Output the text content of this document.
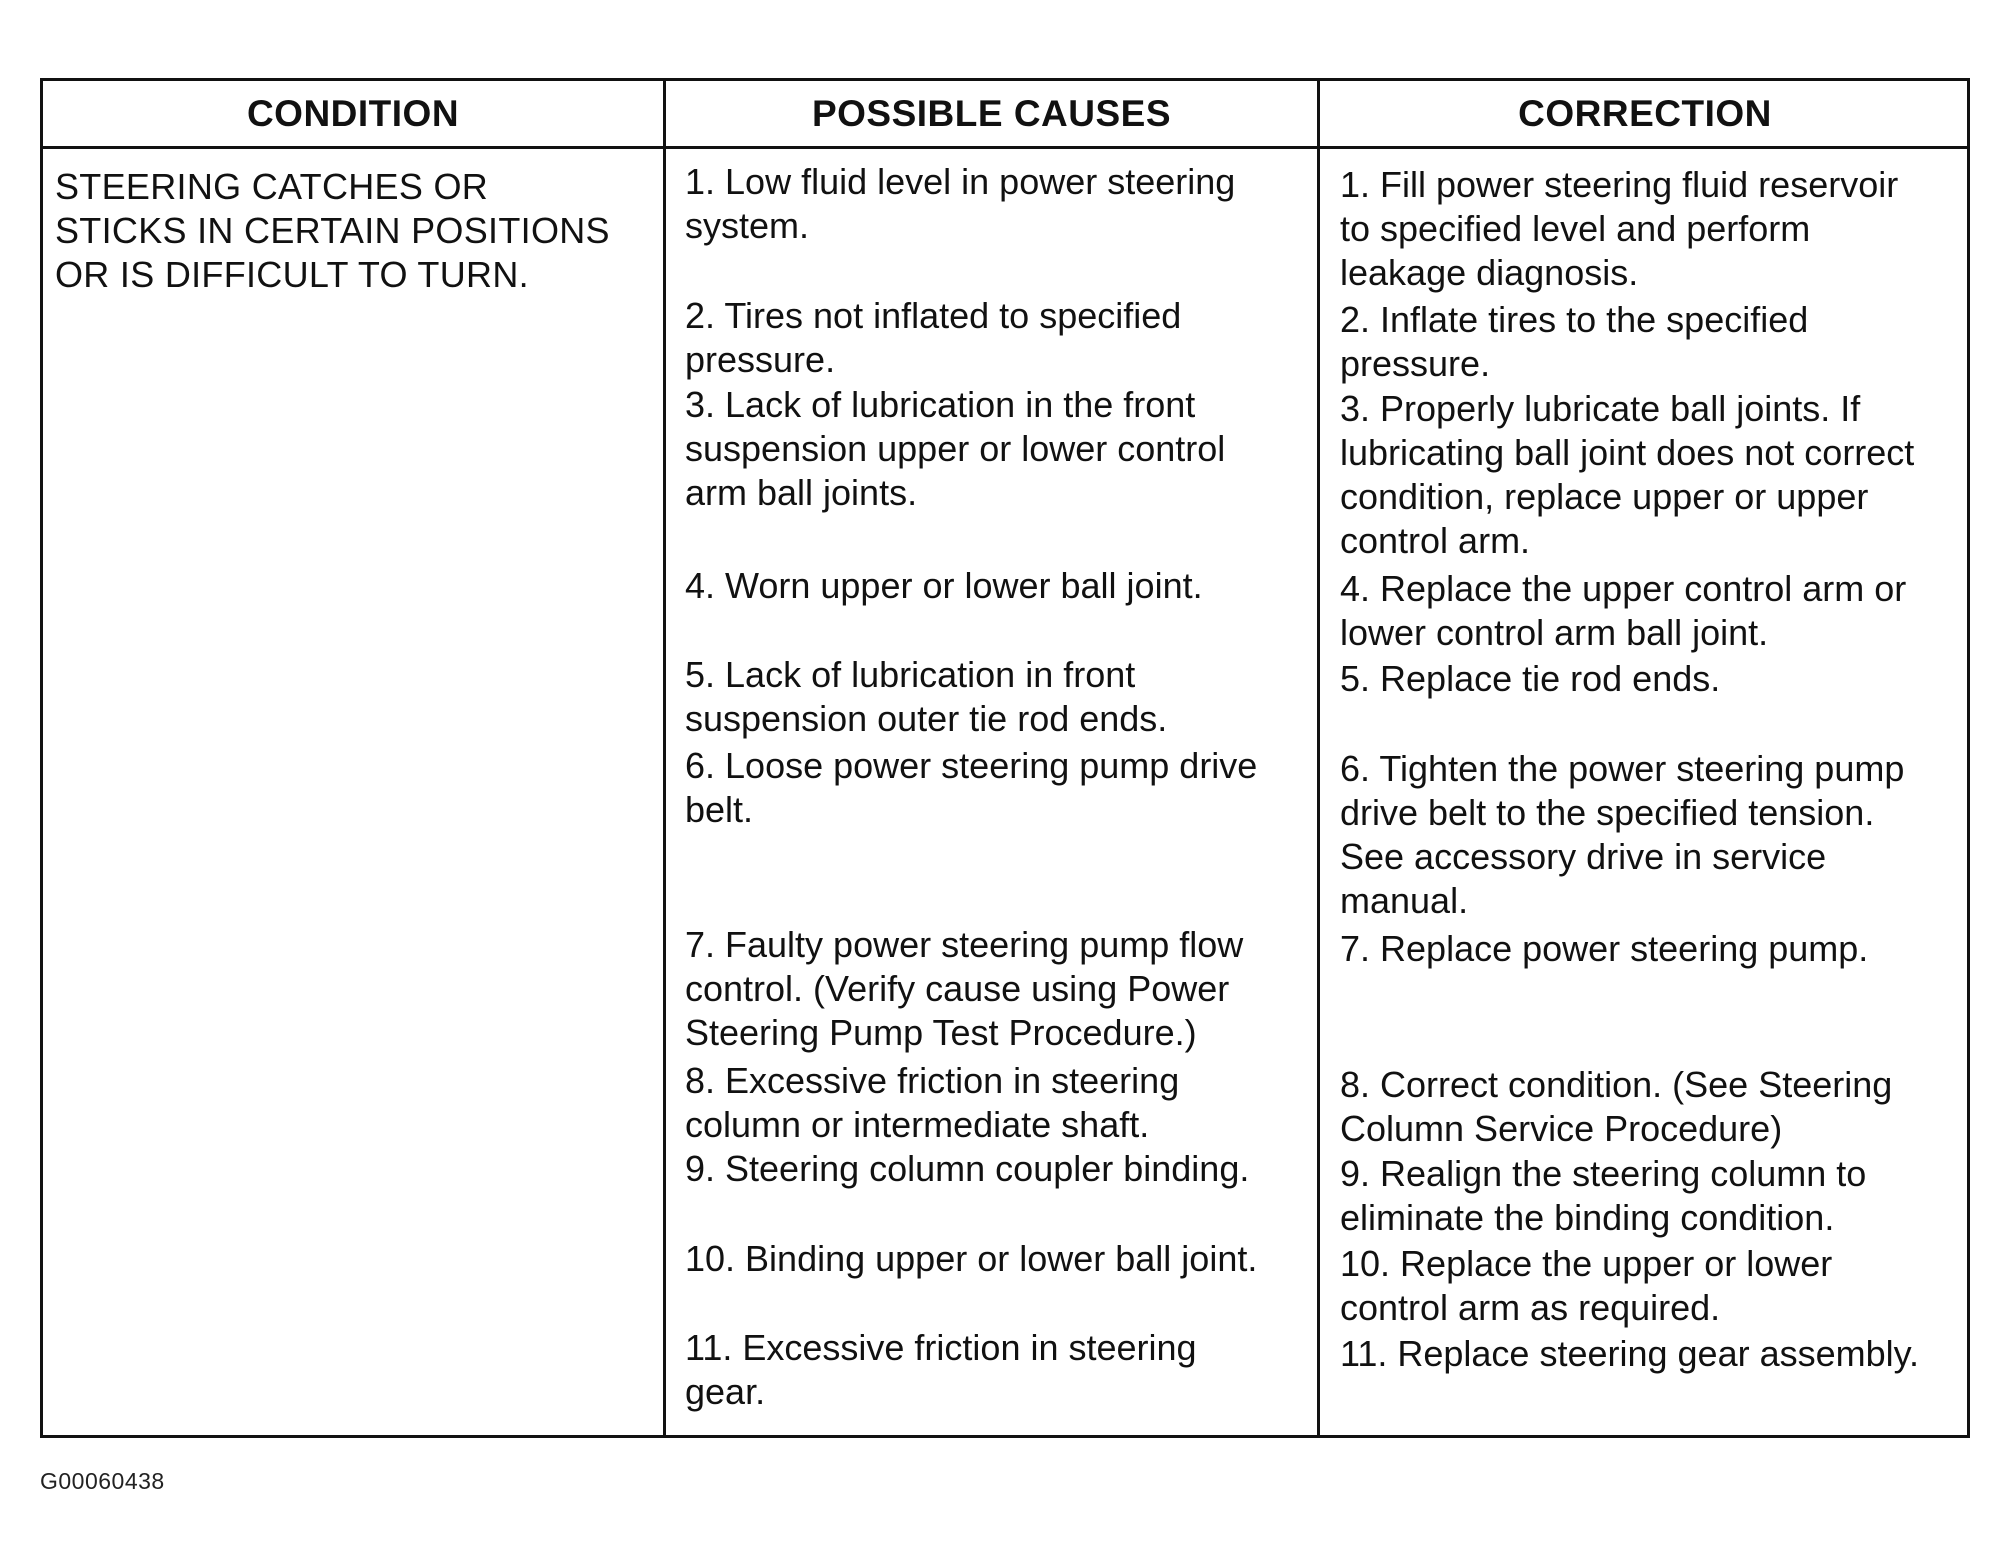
CONDITION	POSSIBLE CAUSES	CORRECTION
STEERING CATCHES OR
STICKS IN CERTAIN POSITIONS
OR IS DIFFICULT TO TURN.
1. Low fluid level in power steering
system.
2. Tires not inflated to specified
pressure.
3. Lack of lubrication in the front
suspension upper or lower control
arm ball joints.
4. Worn upper or lower ball joint.
5. Lack of lubrication in front
suspension outer tie rod ends.
6. Loose power steering pump drive
belt.
7. Faulty power steering pump flow
control. (Verify cause using Power
Steering Pump Test Procedure.)
8. Excessive friction in steering
column or intermediate shaft.
9. Steering column coupler binding.
10. Binding upper or lower ball joint.
11. Excessive friction in steering
gear.
1. Fill power steering fluid reservoir
to specified level and perform
leakage diagnosis.
2. Inflate tires to the specified
pressure.
3. Properly lubricate ball joints. If
lubricating ball joint does not correct
condition, replace upper or upper
control arm.
4. Replace the upper control arm or
lower control arm ball joint.
5. Replace tie rod ends.
6. Tighten the power steering pump
drive belt to the specified tension.
See accessory drive in service
manual.
7. Replace power steering pump.
8. Correct condition. (See Steering
Column Service Procedure)
9. Realign the steering column to
eliminate the binding condition.
10. Replace the upper or lower
control arm as required.
11. Replace steering gear assembly.
G00060438
